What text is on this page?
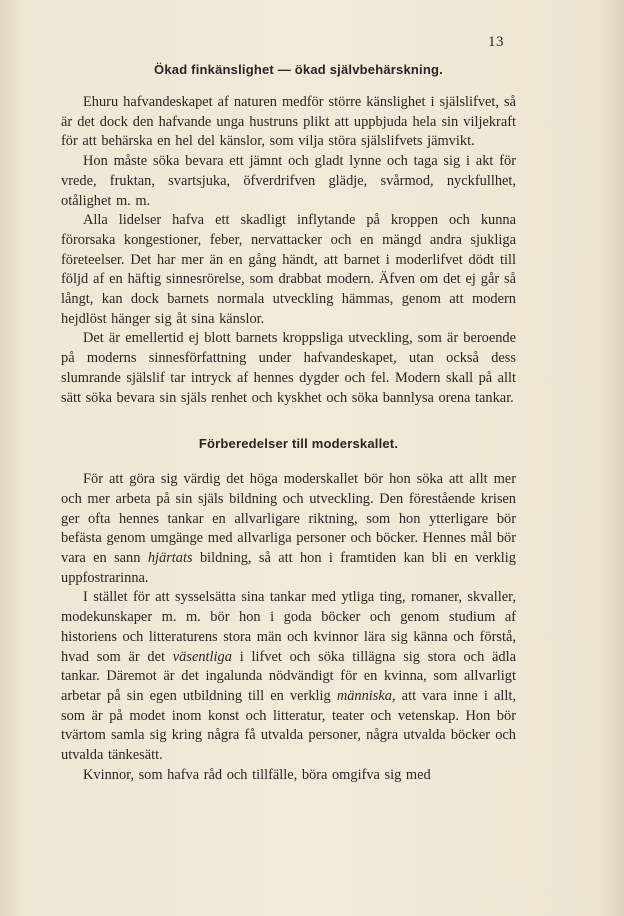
13
Ökad finkänslighet — ökad självbehärskning.

Ehuru hafvandeskapet af naturen medför större känslighet i själslifvet, så är det dock den hafvande unga hustruns plikt att uppbjuda hela sin viljekraft för att behärska en hel del känslor, som vilja störa själslifvets jämvikt.

Hon måste söka bevara ett jämnt och gladt lynne och taga sig i akt för vrede, fruktan, svartsjuka, öfverdrifven glädje, svårmod, nyckfullhet, otålighet m. m.

Alla lidelser hafva ett skadligt inflytande på kroppen och kunna förorsaka kongestioner, feber, nervattacker och en mängd andra sjukliga företeelser. Det har mer än en gång händt, att barnet i moderlifvet dödt till följd af en häftig sinnesrörelse, som drabbat modern. Äfven om det ej går så långt, kan dock barnets normala utveckling hämmas, genom att modern hejdlöst hänger sig åt sina känslor.

Det är emellertid ej blott barnets kroppsliga utveckling, som är beroende på moderns sinnesförfattning under hafvandeskapet, utan också dess slumrande själslif tar intryck af hennes dygder och fel. Modern skall på allt sätt söka bevara sin själs renhet och kyskhet och söka bannlysa orena tankar.

Förberedelser till moderskallet.

För att göra sig värdig det höga moderskallet bör hon söka att allt mer och mer arbeta på sin själs bildning och utveckling. Den förestående krisen ger ofta hennes tankar en allvarligare riktning, som hon ytterligare bör befästa genom umgänge med allvarliga personer och böcker. Hennes mål bör vara en sann hjärtats bildning, så att hon i framtiden kan bli en verklig uppfostrarinna.

I stället för att sysselsätta sina tankar med ytliga ting, romaner, skvaller, modekunskaper m. m. bör hon i goda böcker och genom studium af historiens och litteraturens stora män och kvinnor lära sig känna och förstå, hvad som är det väsentliga i lifvet och söka tillägna sig stora och ädla tankar. Däremot är det ingalunda nödvändigt för en kvinna, som allvarligt arbetar på sin egen utbildning till en verklig människa, att vara inne i allt, som är på modet inom konst och litteratur, teater och vetenskap. Hon bör tvärtom samla sig kring några få utvalda personer, några utvalda böcker och utvalda tänkesätt.

Kvinnor, som hafva råd och tillfälle, böra omgifva sig med
